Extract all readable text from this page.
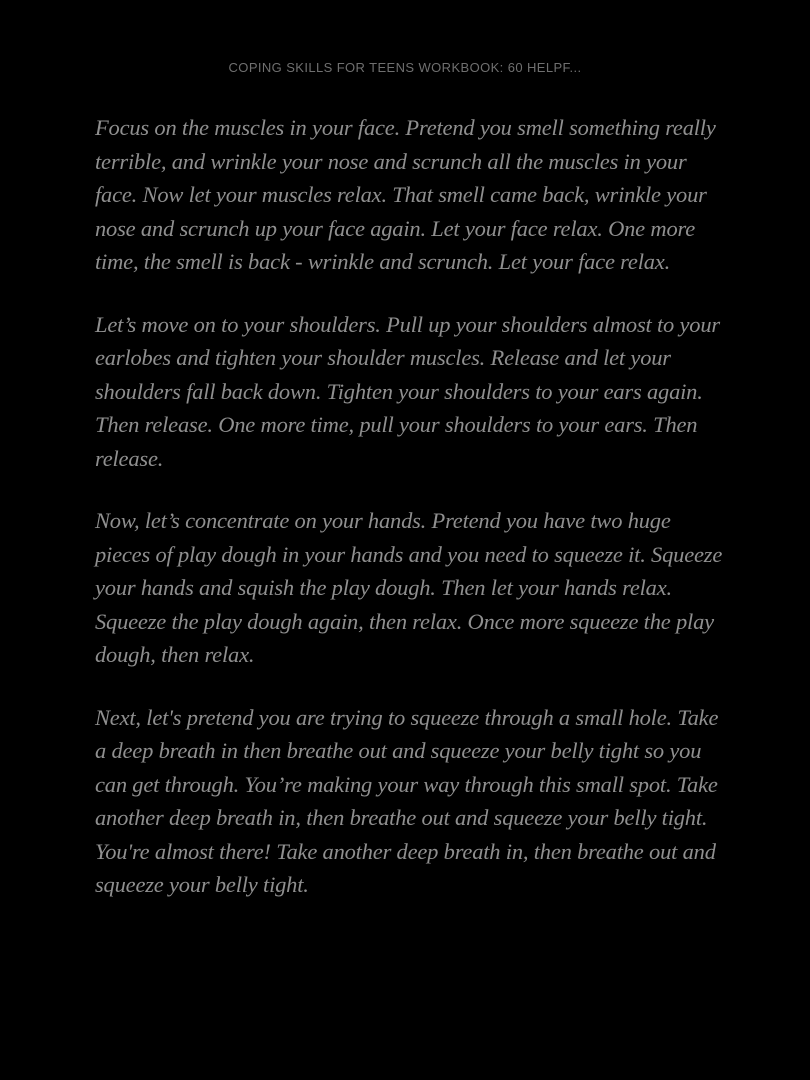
COPING SKILLS FOR TEENS WORKBOOK: 60 HELPF...

Focus on the muscles in your face. Pretend you smell something really terrible, and wrinkle your nose and scrunch all the muscles in your face. Now let your muscles relax. That smell came back, wrinkle your nose and scrunch up your face again. Let your face relax. One more time, the smell is back - wrinkle and scrunch. Let your face relax.

Let’s move on to your shoulders. Pull up your shoulders almost to your earlobes and tighten your shoulder muscles. Release and let your shoulders fall back down. Tighten your shoulders to your ears again. Then release. One more time, pull your shoulders to your ears. Then release.

Now, let’s concentrate on your hands. Pretend you have two huge pieces of play dough in your hands and you need to squeeze it. Squeeze your hands and squish the play dough. Then let your hands relax. Squeeze the play dough again, then relax. Once more squeeze the play dough, then relax.

Next, let's pretend you are trying to squeeze through a small hole. Take a deep breath in then breathe out and squeeze your belly tight so you can get through. You’re making your way through this small spot. Take another deep breath in, then breathe out and squeeze your belly tight. You're almost there! Take another deep breath in, then breathe out and squeeze your belly tight.
